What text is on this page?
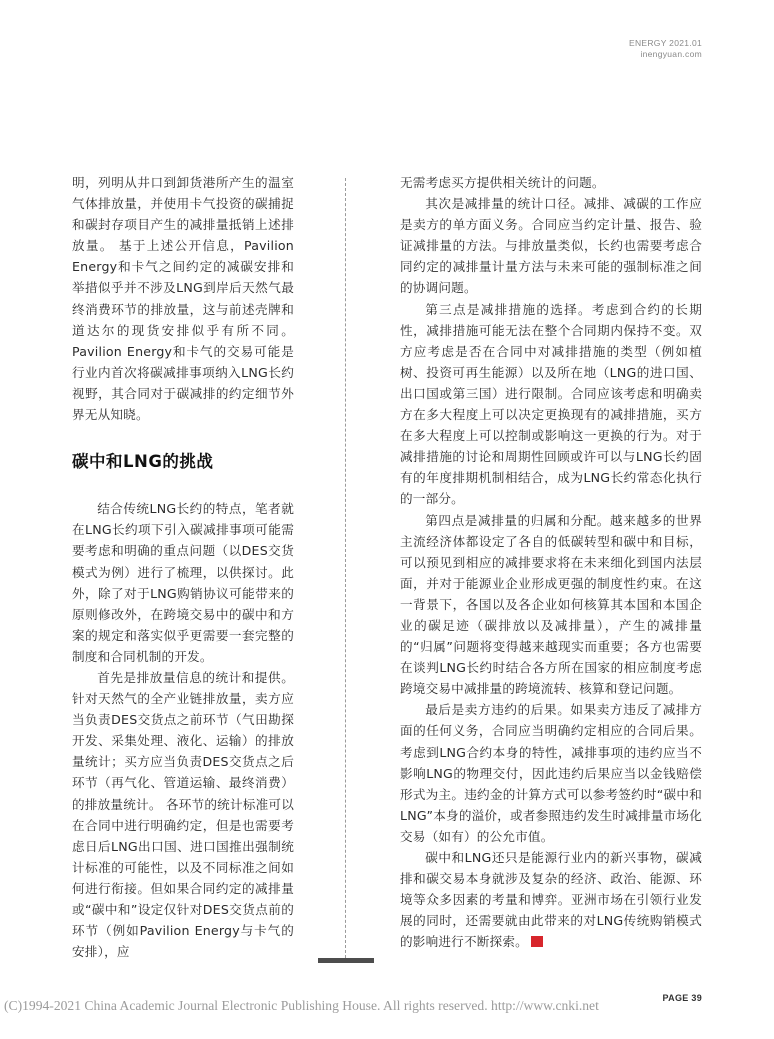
ENERGY 2021.01
inengyuan.com

明，列明从井口到卸货港所产生的温室气体排放量，并使用卡气投资的碳捕捉和碳封存项目产生的减排量抵销上述排放量。 基于上述公开信息，Pavilion Energy和卡气之间约定的减碳安排和举措似乎并不涉及LNG到岸后天然气最终消费环节的排放量，这与前述壳牌和道达尔的现货安排似乎有所不同。Pavilion Energy和卡气的交易可能是行业内首次将碳减排事项纳入LNG长约视野，其合同对于碳减排的约定细节外界无从知晓。

碳中和LNG的挑战

结合传统LNG长约的特点，笔者就在LNG长约项下引入碳减排事项可能需要考虑和明确的重点问题（以DES交货模式为例）进行了梳理，以供探讨。此外，除了对于LNG购销协议可能带来的原则修改外，在跨境交易中的碳中和方案的规定和落实似乎更需要一套完整的制度和合同机制的开发。

首先是排放量信息的统计和提供。针对天然气的全产业链排放量，卖方应当负责DES交货点之前环节（气田勘探开发、采集处理、液化、运输）的排放量统计；买方应当负责DES交货点之后环节（再气化、管道运输、最终消费）的排放量统计。 各环节的统计标准可以在合同中进行明确约定，但是也需要考虑日后LNG出口国、进口国推出强制统计标准的可能性，以及不同标准之间如何进行衔接。但如果合同约定的减排量或“碳中和”设定仅针对DES交货点前的环节（例如Pavilion Energy与卡气的安排），应

无需考虑买方提供相关统计的问题。

其次是减排量的统计口径。减排、减碳的工作应是卖方的单方面义务。合同应当约定计量、报告、验证减排量的方法。与排放量类似，长约也需要考虑合同约定的减排量计量方法与未来可能的强制标准之间的协调问题。

第三点是减排措施的选择。考虑到合约的长期性，减排措施可能无法在整个合同期内保持不变。双方应考虑是否在合同中对减排措施的类型（例如植树、投资可再生能源）以及所在地（LNG的进口国、出口国或第三国）进行限制。合同应该考虑和明确卖方在多大程度上可以决定更换现有的减排措施，买方在多大程度上可以控制或影响这一更换的行为。对于减排措施的讨论和周期性回顾或许可以与LNG长约固有的年度排期机制相结合，成为LNG长约常态化执行的一部分。

第四点是减排量的归属和分配。越来越多的世界主流经济体都设定了各自的低碳转型和碳中和目标，可以预见到相应的减排要求将在未来细化到国内法层面，并对于能源业企业形成更强的制度性约束。在这一背景下，各国以及各企业如何核算其本国和本国企业的碳足迹（碳排放以及减排量），产生的减排量的“归属”问题将变得越来越现实而重要；各方也需要在谈判LNG长约时结合各方所在国家的相应制度考虑跨境交易中减排量的跨境流转、核算和登记问题。

最后是卖方违约的后果。如果卖方违反了减排方面的任何义务，合同应当明确约定相应的合同后果。考虑到LNG合约本身的特性，减排事项的违约应当不影响LNG的物理交付，因此违约后果应当以金钱赔偿形式为主。违约金的计算方式可以参考签约时“碳中和LNG”本身的溢价，或者参照违约发生时减排量市场化交易（如有）的公允市值。

碳中和LNG还只是能源行业内的新兴事物，碳减排和碳交易本身就涉及复杂的经济、政治、能源、环境等众多因素的考量和博弈。亚洲市场在引领行业发展的同时，还需要就由此带来的对LNG传统购销模式的影响进行不断探索。

(C)1994-2021 China Academic Journal Electronic Publishing House. All rights reserved. http://www.cnki.net	PAGE 39
